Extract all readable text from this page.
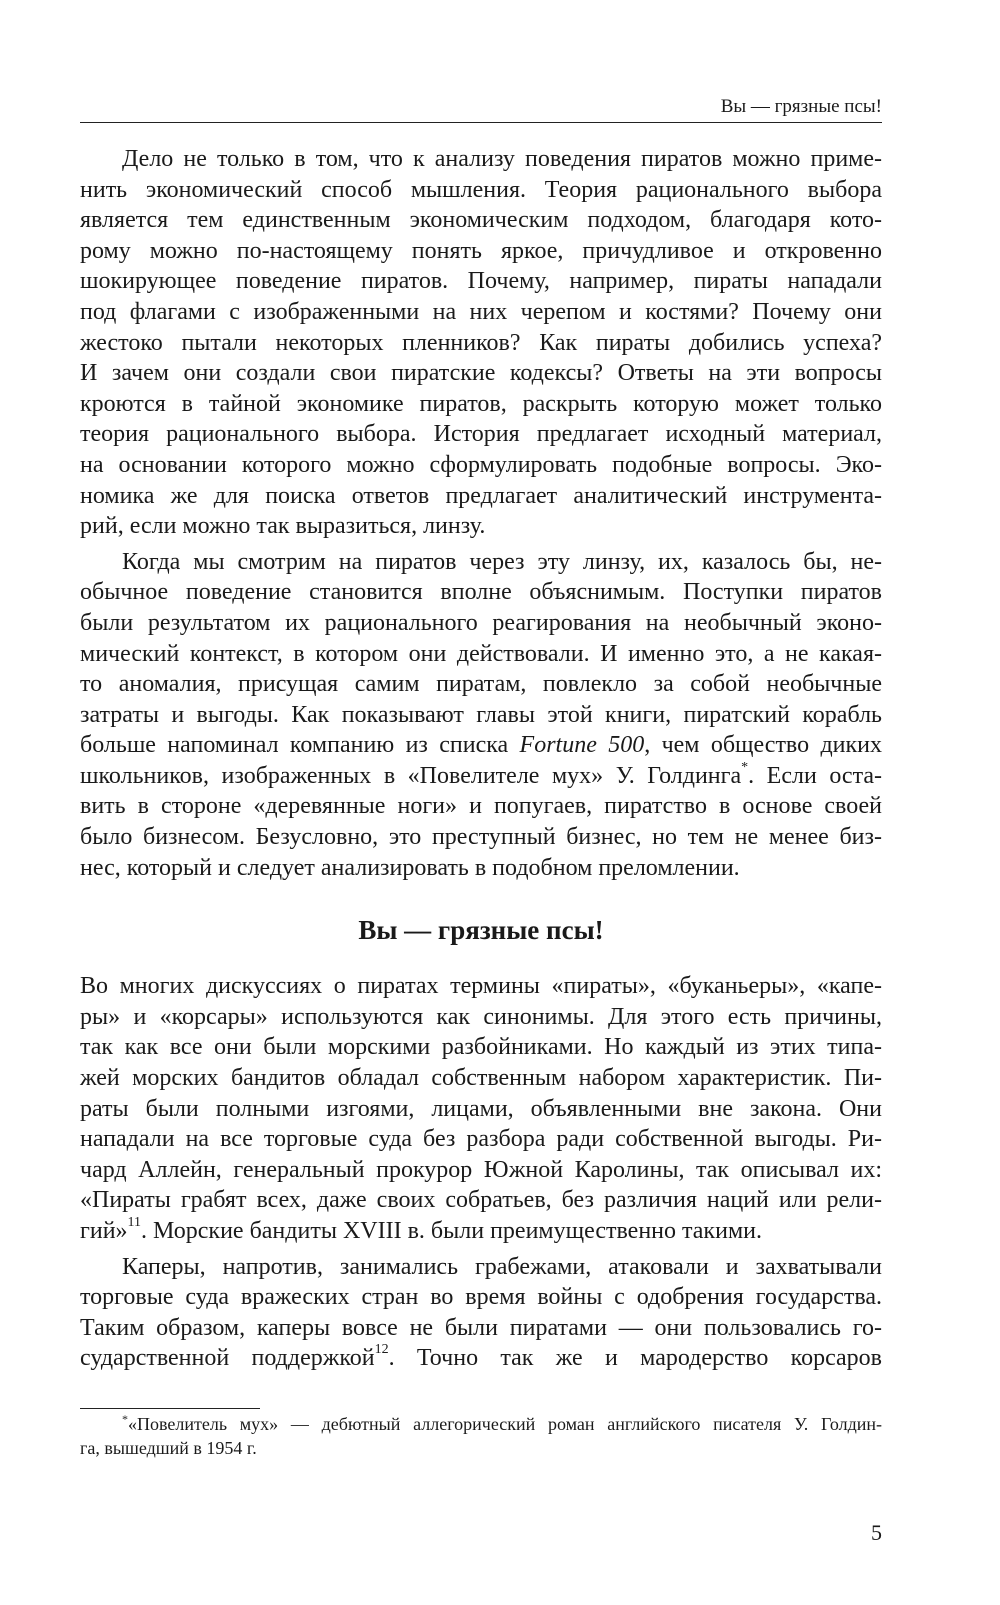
Вы — грязные псы!
Дело не только в том, что к анализу поведения пиратов можно приме-
нить экономический способ мышления. Теория рационального выбора
является тем единственным экономическим подходом, благодаря кото-
рому можно по-настоящему понять яркое, причудливое и откровенно
шокирующее поведение пиратов. Почему, например, пираты нападали
под флагами с изображенными на них черепом и костями? Почему они
жестоко пытали некоторых пленников? Как пираты добились успеха?
И зачем они создали свои пиратские кодексы? Ответы на эти вопросы
кроются в тайной экономике пиратов, раскрыть которую может только
теория рационального выбора. История предлагает исходный материал,
на основании которого можно сформулировать подобные вопросы. Эко-
номика же для поиска ответов предлагает аналитический инструмента-
рий, если можно так выразиться, линзу.
Когда мы смотрим на пиратов через эту линзу, их, казалось бы, не-
обычное поведение становится вполне объяснимым. Поступки пиратов
были результатом их рационального реагирования на необычный эконо-
мический контекст, в котором они действовали. И именно это, а не какая-
то аномалия, присущая самим пиратам, повлекло за собой необычные
затраты и выгоды. Как показывают главы этой книги, пиратский корабль
больше напоминал компанию из списка Fortune 500, чем общество диких
школьников, изображенных в «Повелителе мух» У. Голдинга*. Если оста-
вить в стороне «деревянные ноги» и попугаев, пиратство в основе своей
было бизнесом. Безусловно, это преступный бизнес, но тем не менее биз-
нес, который и следует анализировать в подобном преломлении.
Вы — грязные псы!
Во многих дискуссиях о пиратах термины «пираты», «буканьеры», «капе-
ры» и «корсары» используются как синонимы. Для этого есть причины,
так как все они были морскими разбойниками. Но каждый из этих типа-
жей морских бандитов обладал собственным набором характеристик. Пи-
раты были полными изгоями, лицами, объявленными вне закона. Они
нападали на все торговые суда без разбора ради собственной выгоды. Ри-
чард Аллейн, генеральный прокурор Южной Каролины, так описывал их:
«Пираты грабят всех, даже своих собратьев, без различия наций или рели-
гий»$^{11}$. Морские бандиты XVIII в. были преимущественно такими.
Каперы, напротив, занимались грабежами, атаковали и захватывали
торговые суда вражеских стран во время войны с одобрения государства.
Таким образом, каперы вовсе не были пиратами — они пользовались го-
сударственной поддержкой$^{12}$. Точно так же и мародерство корсаров
*«Повелитель мух» — дебютный аллегорический роман английского писателя У. Голдин-
га, вышедший в 1954 г.
5
